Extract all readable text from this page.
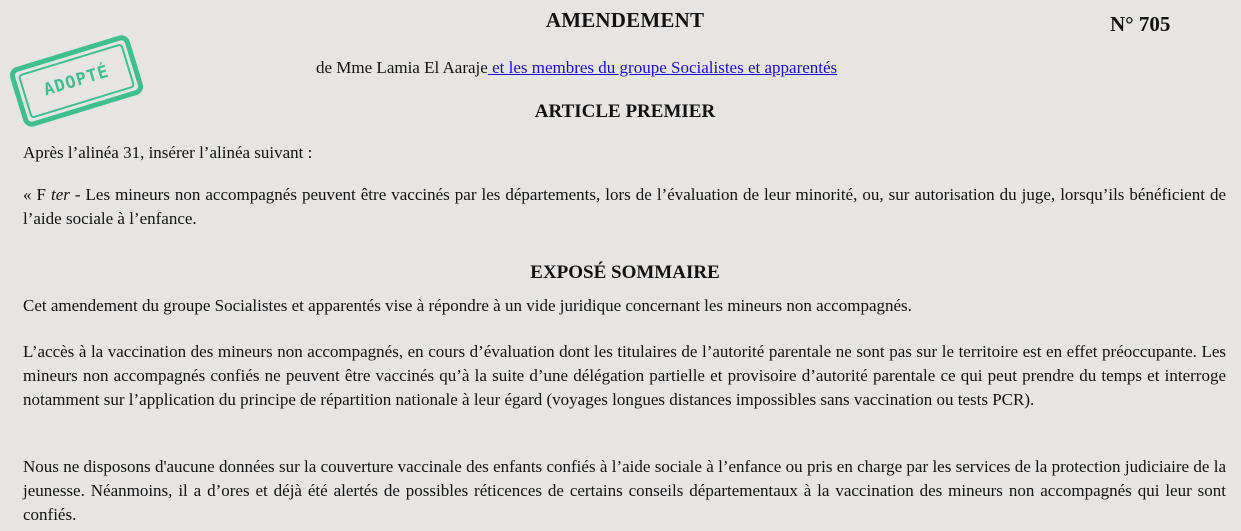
AMENDEMENT	N° 705
ADOPTÉ	de Mme Lamia El Aaraje et les membres du groupe Socialistes et apparentés
ARTICLE PREMIER
Après l’alinéa 31, insérer l’alinéa suivant :
« F ter - Les mineurs non accompagnés peuvent être vaccinés par les départements, lors de l’évaluation de leur minorité, ou, sur autorisation du juge, lorsqu’ils bénéficient de l’aide sociale à l’enfance.
EXPOSÉ SOMMAIRE
Cet amendement du groupe Socialistes et apparentés vise à répondre à un vide juridique concernant les mineurs non accompagnés.
L’accès à la vaccination des mineurs non accompagnés, en cours d’évaluation dont les titulaires de l’autorité parentale ne sont pas sur le territoire est en effet préoccupante. Les mineurs non accompagnés confiés ne peuvent être vaccinés qu’à la suite d’une délégation partielle et provisoire d’autorité parentale ce qui peut prendre du temps et interroge notamment sur l’application du principe de répartition nationale à leur égard (voyages longues distances impossibles sans vaccination ou tests PCR).
Nous ne disposons d'aucune données sur la couverture vaccinale des enfants confiés à l’aide sociale à l’enfance ou pris en charge par les services de la protection judiciaire de la jeunesse. Néanmoins, il a d’ores et déjà été alertés de possibles réticences de certains conseils départementaux à la vaccination des mineurs non accompagnés qui leur sont confiés.
